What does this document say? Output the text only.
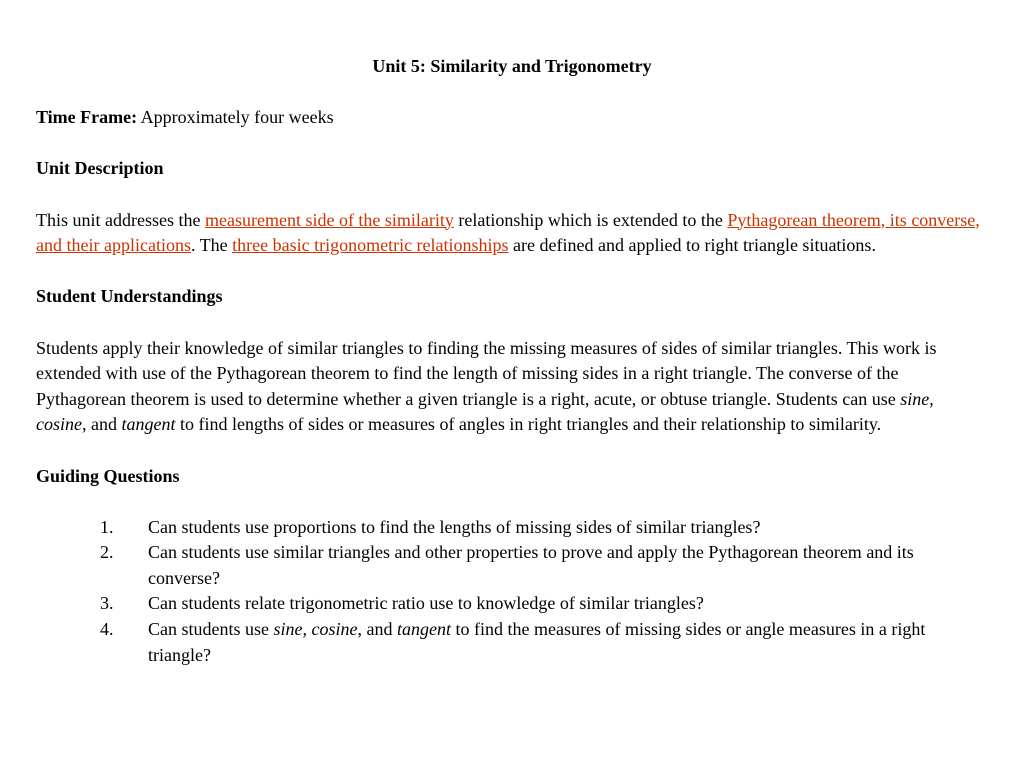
Unit 5: Similarity and Trigonometry

Time Frame: Approximately four weeks

Unit Description

This unit addresses the measurement side of the similarity relationship which is extended to the Pythagorean theorem, its converse, and their applications. The three basic trigonometric relationships are defined and applied to right triangle situations.

Student Understandings

Students apply their knowledge of similar triangles to finding the missing measures of sides of similar triangles. This work is extended with use of the Pythagorean theorem to find the length of missing sides in a right triangle. The converse of the Pythagorean theorem is used to determine whether a given triangle is a right, acute, or obtuse triangle. Students can use sine, cosine, and tangent to find lengths of sides or measures of angles in right triangles and their relationship to similarity.

Guiding Questions

1. Can students use proportions to find the lengths of missing sides of similar triangles?
2. Can students use similar triangles and other properties to prove and apply the Pythagorean theorem and its converse?
3. Can students relate trigonometric ratio use to knowledge of similar triangles?
4. Can students use sine, cosine, and tangent to find the measures of missing sides or angle measures in a right triangle?
